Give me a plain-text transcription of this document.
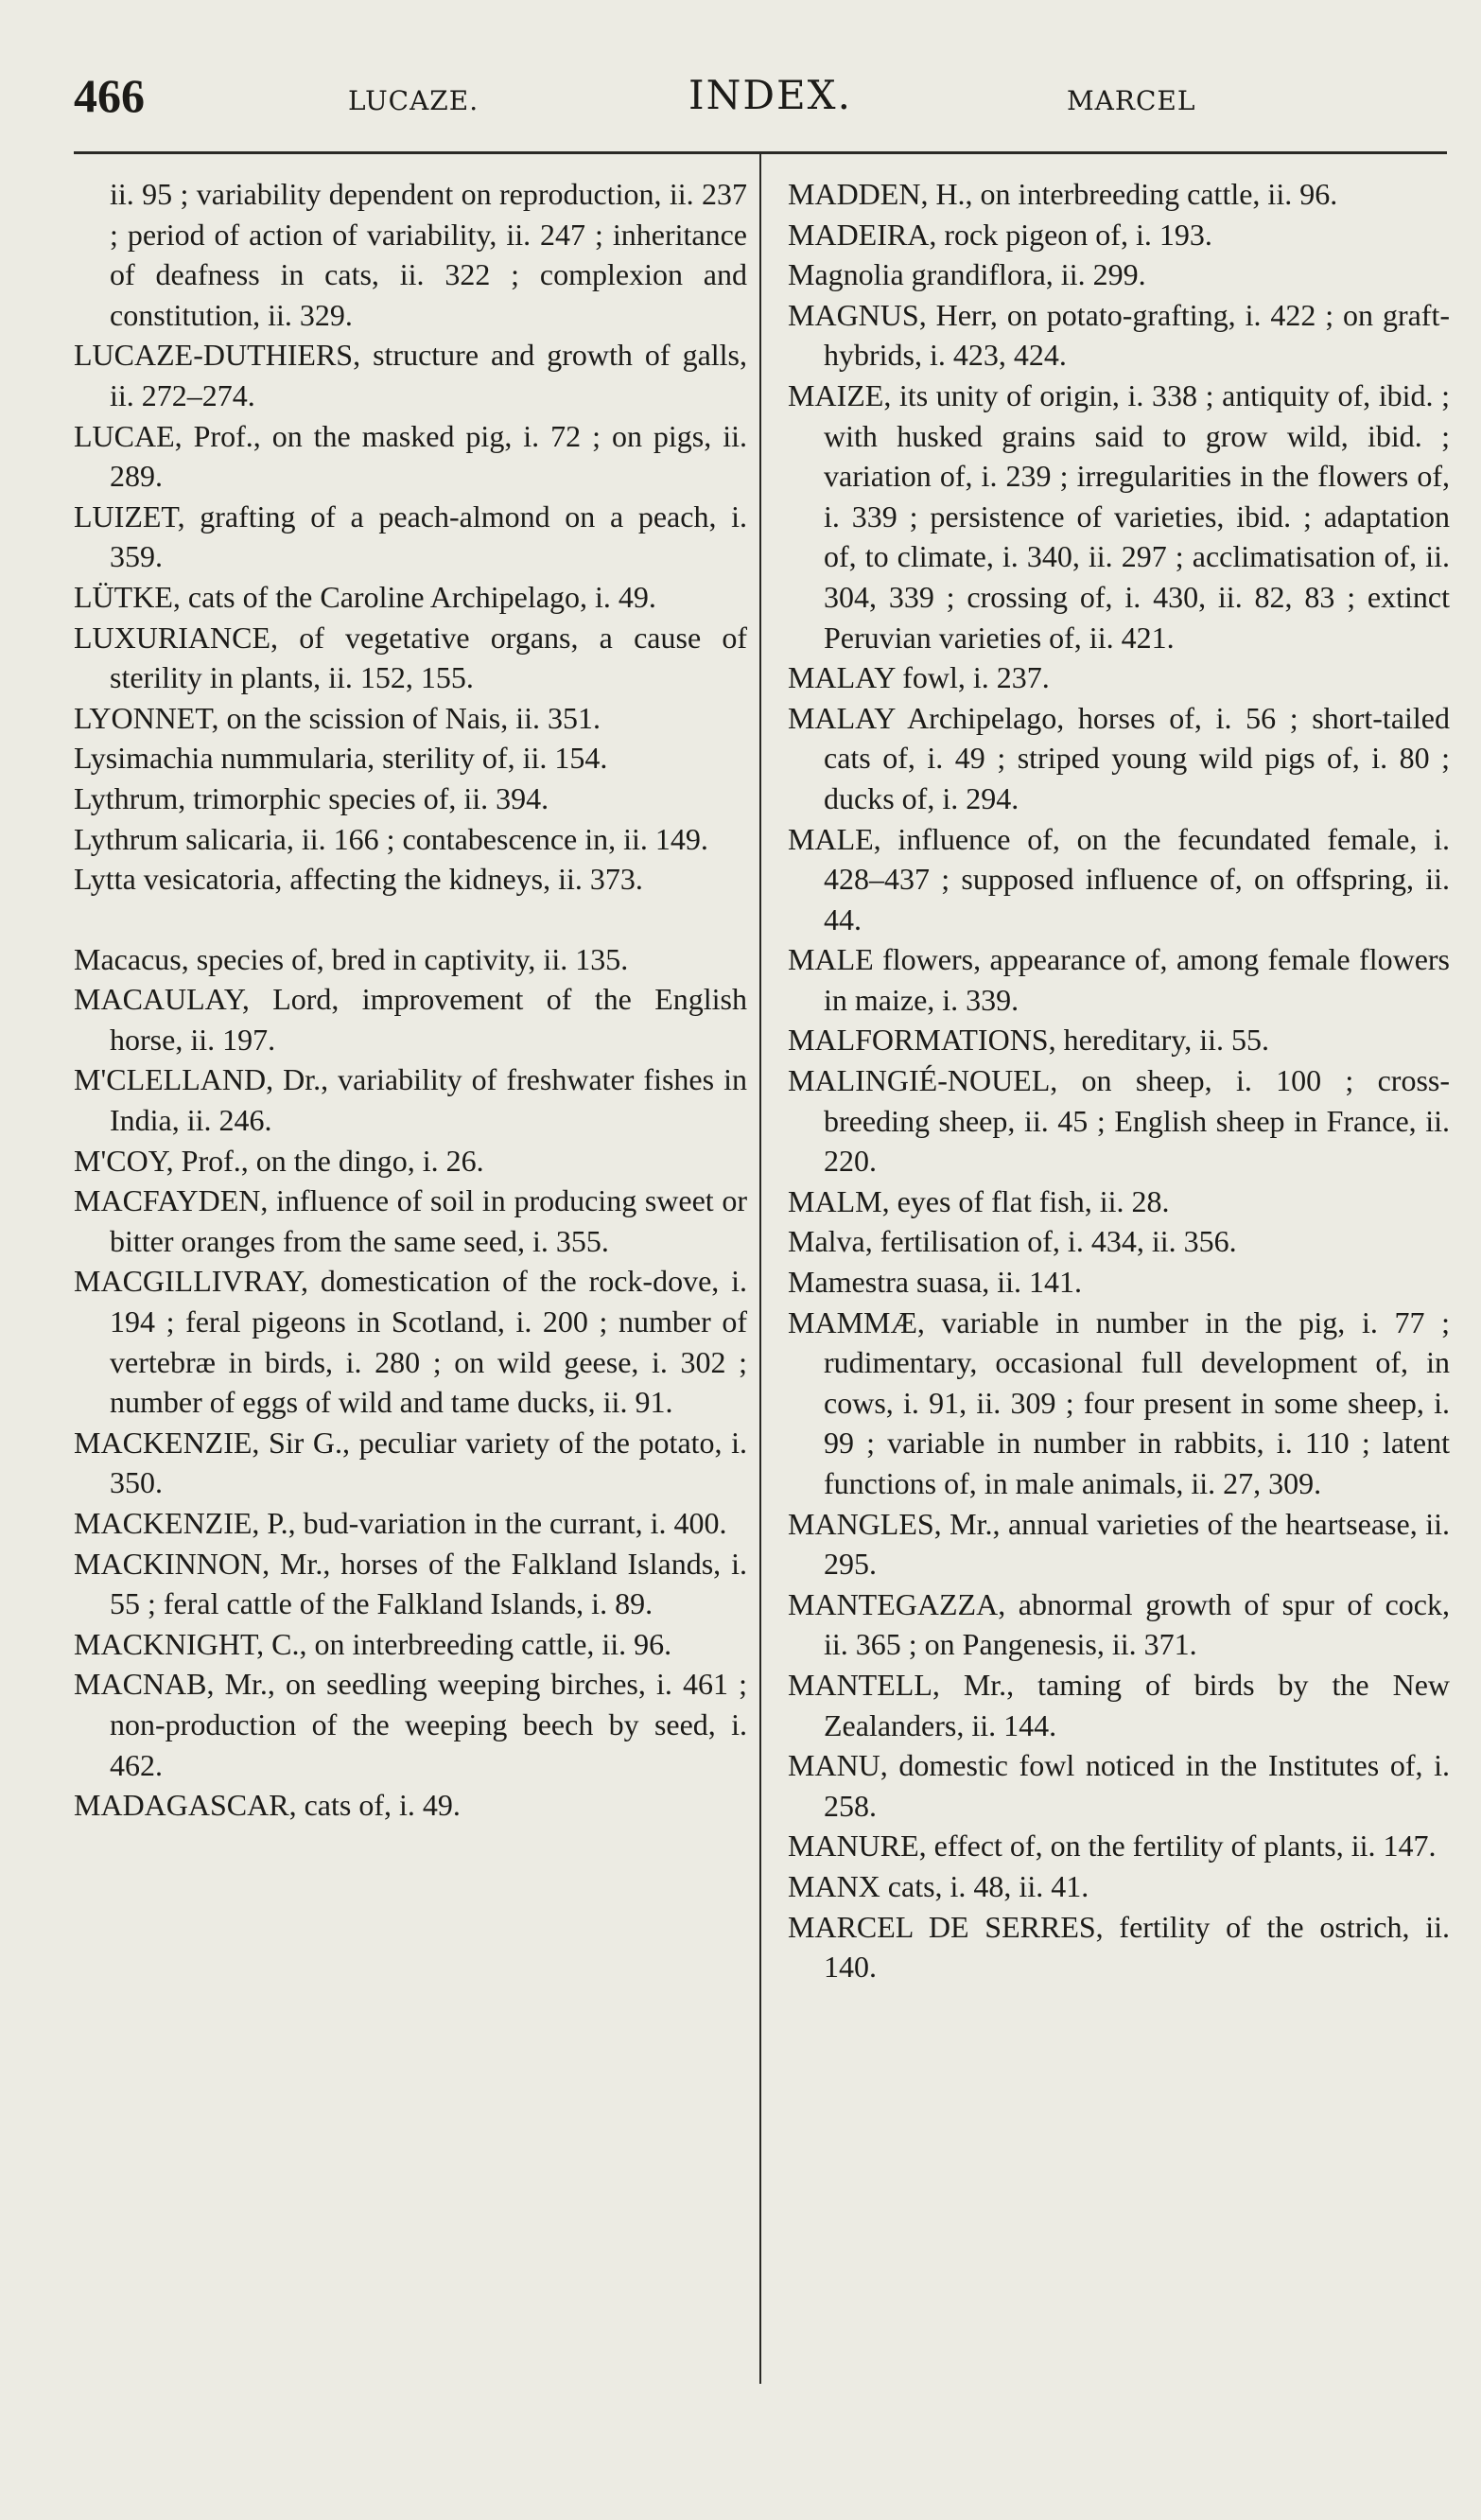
466	LUCAZE.	INDEX.	MARCEL

ii. 95 ; variability dependent on reproduction, ii. 237 ; period of action of variability, ii. 247 ; inheritance of deafness in cats, ii. 322 ; complexion and constitution, ii. 329.

LUCAZE-DUTHIERS, structure and growth of galls, ii. 272–274.

LUCAE, Prof., on the masked pig, i. 72 ; on pigs, ii. 289.

LUIZET, grafting of a peach-almond on a peach, i. 359.

LÜTKE, cats of the Caroline Archipelago, i. 49.

LUXURIANCE, of vegetative organs, a cause of sterility in plants, ii. 152, 155.

LYONNET, on the scission of Nais, ii. 351.

Lysimachia nummularia, sterility of, ii. 154.

Lythrum, trimorphic species of, ii. 394.

Lythrum salicaria, ii. 166 ; contabescence in, ii. 149.

Lytta vesicatoria, affecting the kidneys, ii. 373.

Macacus, species of, bred in captivity, ii. 135.

MACAULAY, Lord, improvement of the English horse, ii. 197.

M'CLELLAND, Dr., variability of freshwater fishes in India, ii. 246.

M'COY, Prof., on the dingo, i. 26.

MACFAYDEN, influence of soil in producing sweet or bitter oranges from the same seed, i. 355.

MACGILLIVRAY, domestication of the rock-dove, i. 194 ; feral pigeons in Scotland, i. 200 ; number of vertebræ in birds, i. 280 ; on wild geese, i. 302 ; number of eggs of wild and tame ducks, ii. 91.

MACKENZIE, Sir G., peculiar variety of the potato, i. 350.

MACKENZIE, P., bud-variation in the currant, i. 400.

MACKINNON, Mr., horses of the Falkland Islands, i. 55 ; feral cattle of the Falkland Islands, i. 89.

MACKNIGHT, C., on interbreeding cattle, ii. 96.

MACNAB, Mr., on seedling weeping birches, i. 461 ; non-production of the weeping beech by seed, i. 462.

MADAGASCAR, cats of, i. 49.

MADDEN, H., on interbreeding cattle, ii. 96.

MADEIRA, rock pigeon of, i. 193.

Magnolia grandiflora, ii. 299.

MAGNUS, Herr, on potato-grafting, i. 422 ; on graft-hybrids, i. 423, 424.

MAIZE, its unity of origin, i. 338 ; antiquity of, ibid. ; with husked grains said to grow wild, ibid. ; variation of, i. 239 ; irregularities in the flowers of, i. 339 ; persistence of varieties, ibid. ; adaptation of, to climate, i. 340, ii. 297 ; acclimatisation of, ii. 304, 339 ; crossing of, i. 430, ii. 82, 83 ; extinct Peruvian varieties of, ii. 421.

MALAY fowl, i. 237.

MALAY Archipelago, horses of, i. 56 ; short-tailed cats of, i. 49 ; striped young wild pigs of, i. 80 ; ducks of, i. 294.

MALE, influence of, on the fecundated female, i. 428–437 ; supposed influence of, on offspring, ii. 44.

MALE flowers, appearance of, among female flowers in maize, i. 339.

MALFORMATIONS, hereditary, ii. 55.

MALINGIÉ-NOUEL, on sheep, i. 100 ; cross-breeding sheep, ii. 45 ; English sheep in France, ii. 220.

MALM, eyes of flat fish, ii. 28.

Malva, fertilisation of, i. 434, ii. 356.

Mamestra suasa, ii. 141.

MAMMÆ, variable in number in the pig, i. 77 ; rudimentary, occasional full development of, in cows, i. 91, ii. 309 ; four present in some sheep, i. 99 ; variable in number in rabbits, i. 110 ; latent functions of, in male animals, ii. 27, 309.

MANGLES, Mr., annual varieties of the heartsease, ii. 295.

MANTEGAZZA, abnormal growth of spur of cock, ii. 365 ; on Pangenesis, ii. 371.

MANTELL, Mr., taming of birds by the New Zealanders, ii. 144.

MANU, domestic fowl noticed in the Institutes of, i. 258.

MANURE, effect of, on the fertility of plants, ii. 147.

MANX cats, i. 48, ii. 41.

MARCEL DE SERRES, fertility of the ostrich, ii. 140.
